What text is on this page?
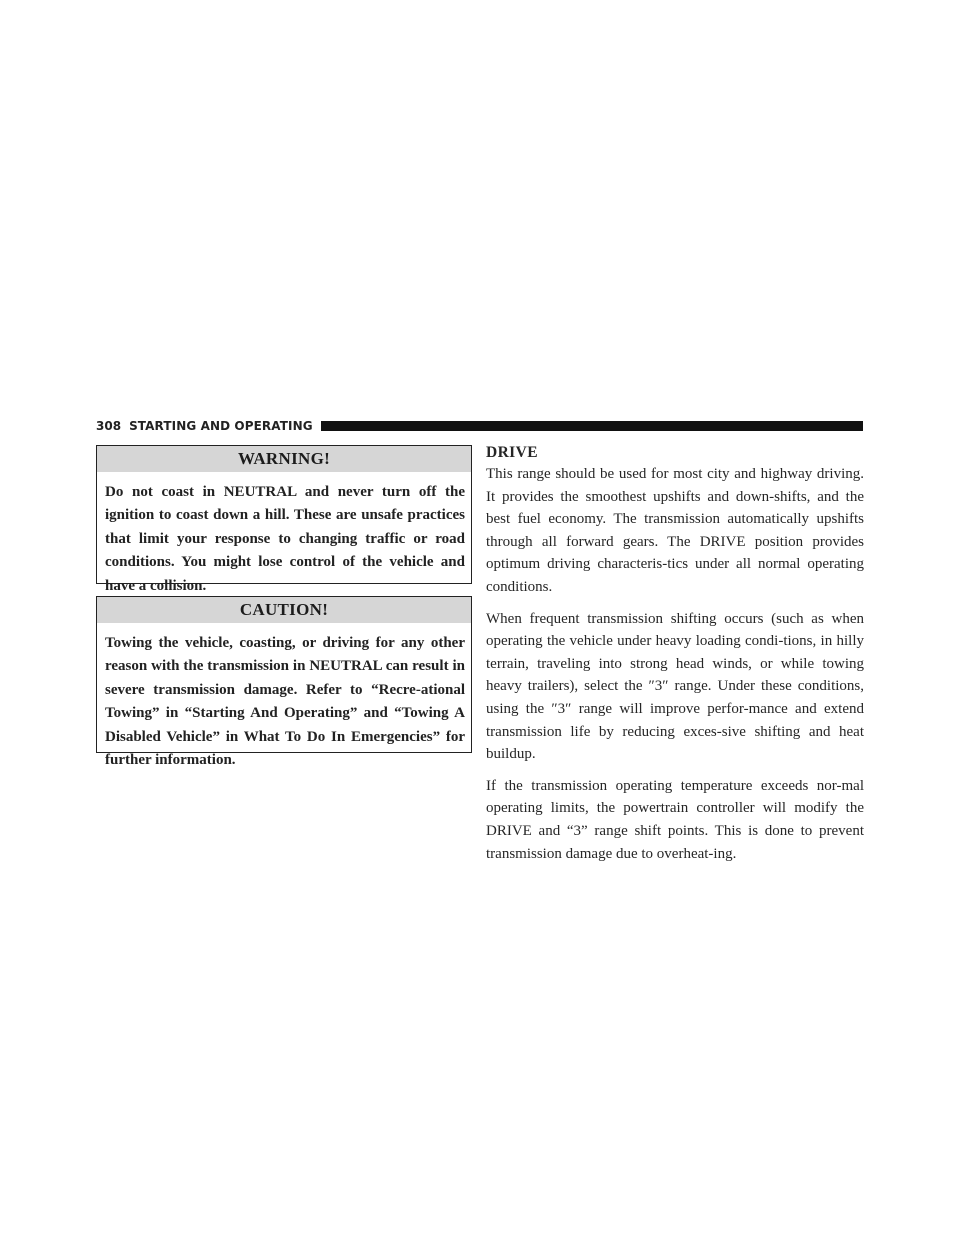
308 STARTING AND OPERATING
WARNING!
Do not coast in NEUTRAL and never turn off the ignition to coast down a hill. These are unsafe practices that limit your response to changing traffic or road conditions. You might lose control of the vehicle and have a collision.
CAUTION!
Towing the vehicle, coasting, or driving for any other reason with the transmission in NEUTRAL can result in severe transmission damage. Refer to “Recre-ational Towing” in “Starting And Operating” and “Towing A Disabled Vehicle” in What To Do In Emergencies” for further information.
DRIVE

This range should be used for most city and highway driving. It provides the smoothest upshifts and down-shifts, and the best fuel economy. The transmission automatically upshifts through all forward gears. The DRIVE position provides optimum driving characteris-tics under all normal operating conditions.

When frequent transmission shifting occurs (such as when operating the vehicle under heavy loading condi-tions, in hilly terrain, traveling into strong head winds, or while towing heavy trailers), select the ″3″ range. Under these conditions, using the ″3″ range will improve perfor-mance and extend transmission life by reducing exces-sive shifting and heat buildup.

If the transmission operating temperature exceeds nor-mal operating limits, the powertrain controller will modify the DRIVE and “3” range shift points. This is done to prevent transmission damage due to overheat-ing.
